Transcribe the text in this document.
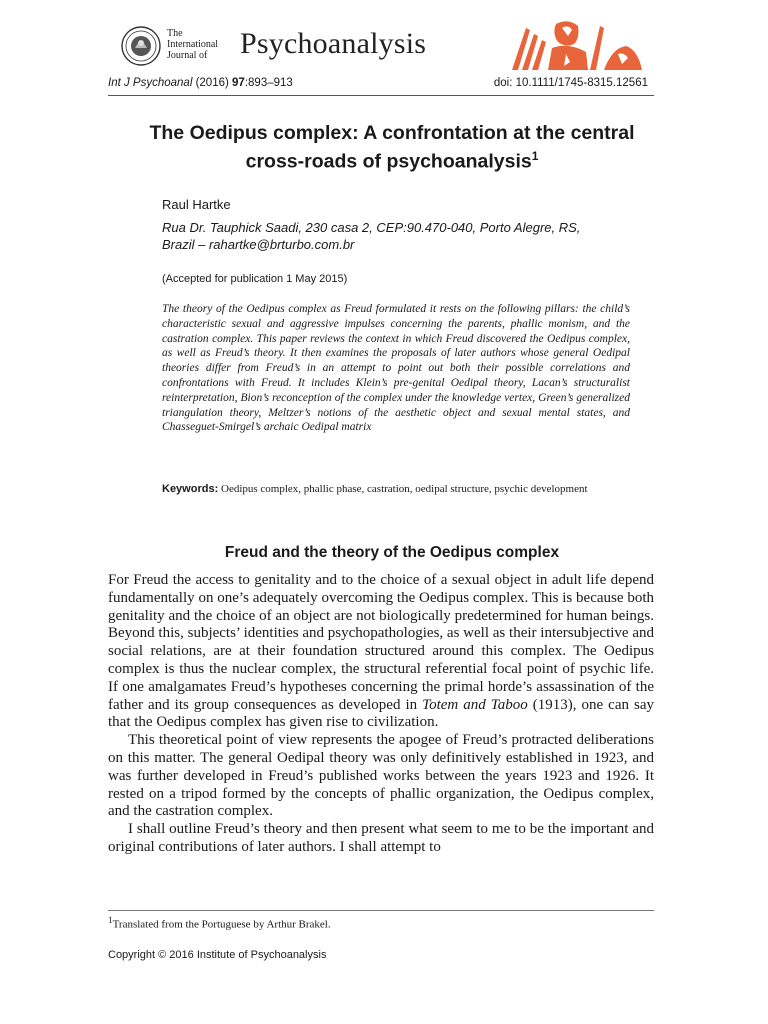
The
International
Journal of	Psychoanalysis
Int J Psychoanal (2016) 97:893–913	doi: 10.1111/1745-8315.12561
The Oedipus complex: A confrontation at the central
cross-roads of psychoanalysis$^1$
Raul Hartke
Rua Dr. Tauphick Saadi, 230 casa 2, CEP:90.470-040, Porto Alegre, RS,
Brazil – rahartke@brturbo.com.br
(Accepted for publication 1 May 2015)
The theory of the Oedipus complex as Freud formulated it rests on the following pillars: the child’s characteristic sexual and aggressive impulses concerning the parents, phallic monism, and the castration complex. This paper reviews the context in which Freud discovered the Oedipus complex, as well as Freud’s theory. It then examines the proposals of later authors whose general Oedipal theories differ from Freud’s in an attempt to point out both their possible correlations and confrontations with Freud. It includes Klein’s pre-genital Oedipal theory, Lacan’s structuralist reinterpretation, Bion’s reconception of the complex under the knowledge vertex, Green’s generalized triangulation theory, Meltzer’s notions of the aesthetic object and sexual mental states, and Chasseguet-Smirgel’s archaic Oedipal matrix
Keywords: Oedipus complex, phallic phase, castration, oedipal structure, psychic development
Freud and the theory of the Oedipus complex

For Freud the access to genitality and to the choice of a sexual object in adult life depend fundamentally on one’s adequately overcoming the Oedipus complex. This is because both genitality and the choice of an object are not biologically predetermined for human beings. Beyond this, subjects’ identities and psychopathologies, as well as their intersubjective and social relations, are at their foundation structured around this complex. The Oedipus complex is thus the nuclear complex, the structural referential focal point of psychic life. If one amalgamates Freud’s hypotheses concerning the primal horde’s assassination of the father and its group consequences as developed in Totem and Taboo (1913), one can say that the Oedipus complex has given rise to civilization.

This theoretical point of view represents the apogee of Freud’s protracted deliberations on this matter. The general Oedipal theory was only definitively established in 1923, and was further developed in Freud’s published works between the years 1923 and 1926. It rested on a tripod formed by the concepts of phallic organization, the Oedipus complex, and the castration complex.

I shall outline Freud’s theory and then present what seem to me to be the important and original contributions of later authors. I shall attempt to

$^1$Translated from the Portuguese by Arthur Brakel.
Copyright © 2016 Institute of Psychoanalysis
